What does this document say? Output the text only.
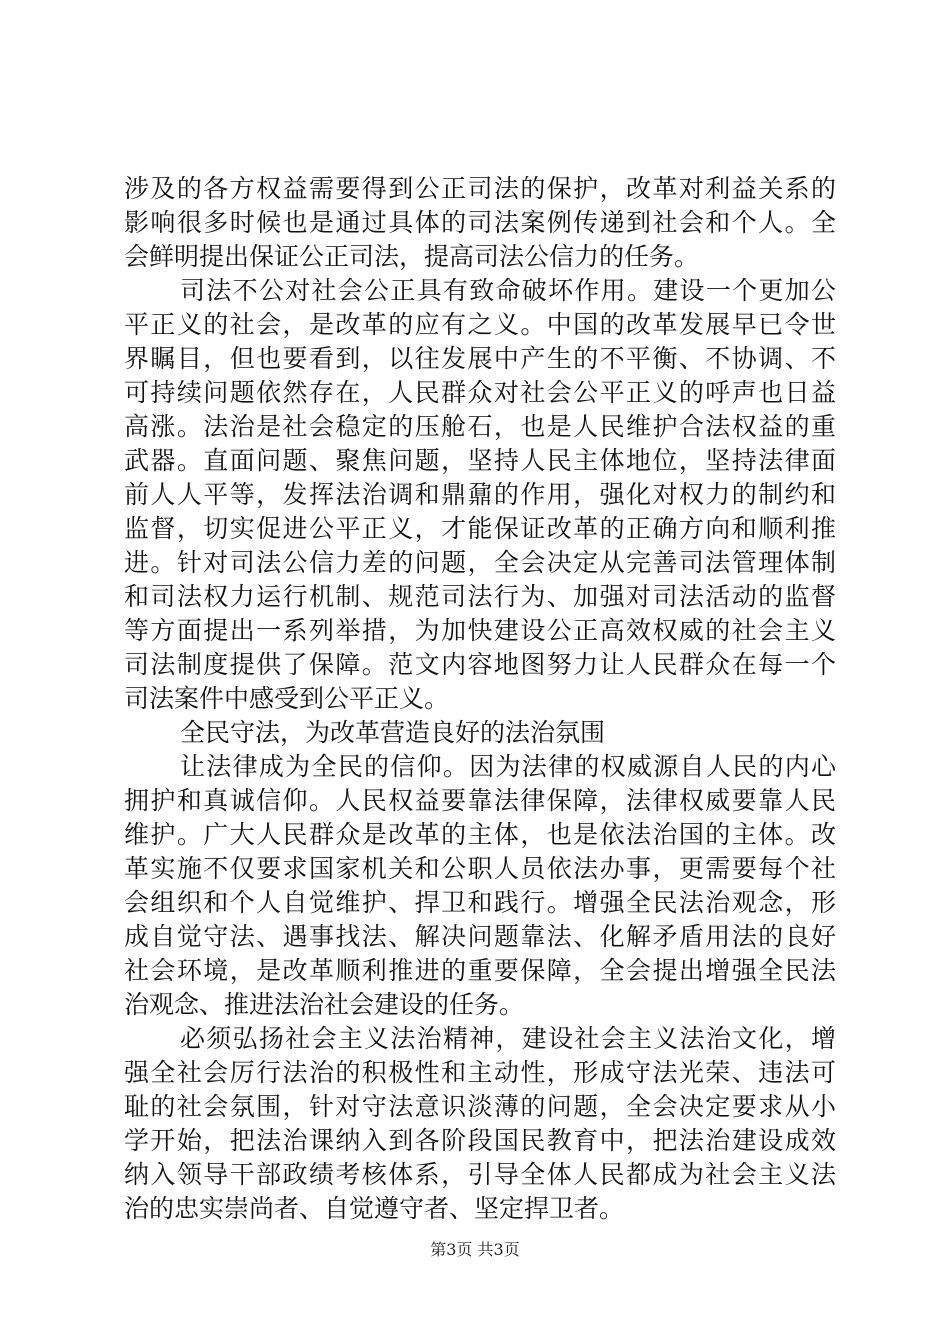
涉及的各方权益需要得到公正司法的保护，改革对利益关系的
影响很多时候也是通过具体的司法案例传递到社会和个人。全
会鲜明提出保证公正司法，提高司法公信力的任务。
司法不公对社会公正具有致命破坏作用。建设一个更加公
平正义的社会，是改革的应有之义。中国的改革发展早已令世
界瞩目，但也要看到，以往发展中产生的不平衡、不协调、不
可持续问题依然存在，人民群众对社会公平正义的呼声也日益
高涨。法治是社会稳定的压舱石，也是人民维护合法权益的重
武器。直面问题、聚焦问题，坚持人民主体地位，坚持法律面
前人人平等，发挥法治调和鼎鼐的作用，强化对权力的制约和
监督，切实促进公平正义，才能保证改革的正确方向和顺利推
进。针对司法公信力差的问题，全会决定从完善司法管理体制
和司法权力运行机制、规范司法行为、加强对司法活动的监督
等方面提出一系列举措，为加快建设公正高效权威的社会主义
司法制度提供了保障。范文内容地图努力让人民群众在每一个
司法案件中感受到公平正义。
全民守法，为改革营造良好的法治氛围
让法律成为全民的信仰。因为法律的权威源自人民的内心
拥护和真诚信仰。人民权益要靠法律保障，法律权威要靠人民
维护。广大人民群众是改革的主体，也是依法治国的主体。改
革实施不仅要求国家机关和公职人员依法办事，更需要每个社
会组织和个人自觉维护、捍卫和践行。增强全民法治观念，形
成自觉守法、遇事找法、解决问题靠法、化解矛盾用法的良好
社会环境，是改革顺利推进的重要保障，全会提出增强全民法
治观念、推进法治社会建设的任务。
必须弘扬社会主义法治精神，建设社会主义法治文化，增
强全社会厉行法治的积极性和主动性，形成守法光荣、违法可
耻的社会氛围，针对守法意识淡薄的问题，全会决定要求从小
学开始，把法治课纳入到各阶段国民教育中，把法治建设成效
纳入领导干部政绩考核体系，引导全体人民都成为社会主义法
治的忠实崇尚者、自觉遵守者、坚定捍卫者。
第3页 共3页
